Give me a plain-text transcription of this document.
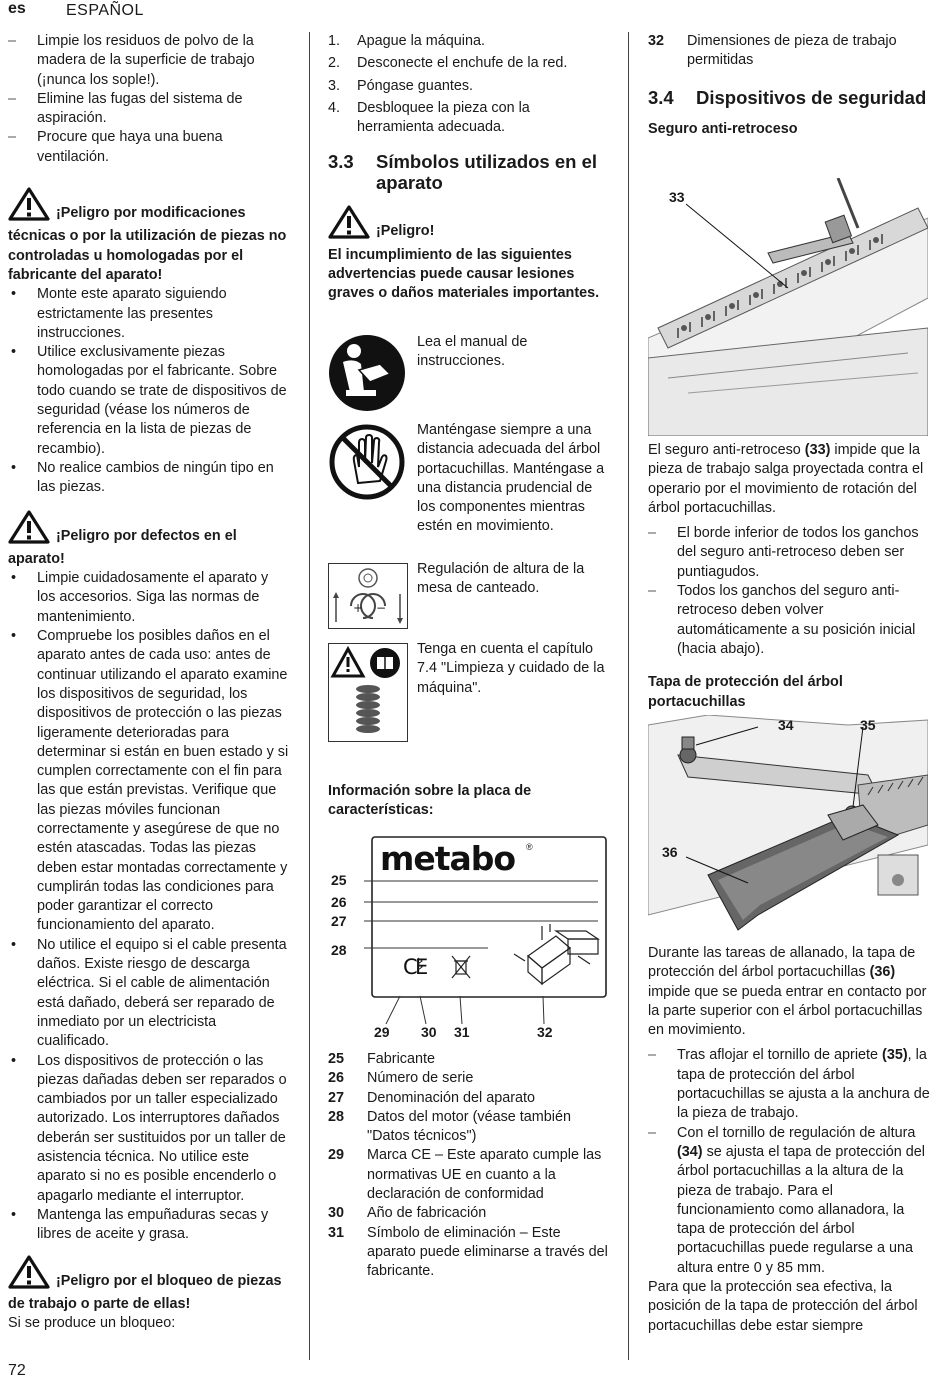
es	ESPAÑOL

– Limpie los residuos de polvo de la madera de la superficie de trabajo (¡nunca los sople!).

– Elimine las fugas del sistema de aspiración.

– Procure que haya una buena ventilación.

¡Peligro por modificaciones técnicas o por la utilización de piezas no controladas u homologadas por el fabricante del aparato!

• Monte este aparato siguiendo estrictamente las presentes instrucciones.

• Utilice exclusivamente piezas homologadas por el fabricante. Sobre todo cuando se trate de dispositivos de seguridad (véase los números de referencia en la lista de piezas de recambio).

• No realice cambios de ningún tipo en las piezas.

¡Peligro por defectos en el aparato!

• Limpie cuidadosamente el aparato y los accesorios. Siga las normas de mantenimiento.

• Compruebe los posibles daños en el aparato antes de cada uso: antes de continuar utilizando el aparato examine los dispositivos de seguridad, los dispositivos de protección o las piezas ligeramente deterioradas para determinar si están en buen estado y si cumplen correctamente con el fin para las que están previstas. Verifique que las piezas móviles funcionan correctamente y asegúrese de que no estén atascadas. Todas las piezas deben estar montadas correctamente y cumplirán todas las condiciones para poder garantizar el correcto funcionamiento del aparato.

• No utilice el equipo si el cable presenta daños. Existe riesgo de descarga eléctrica. Si el cable de alimentación está dañado, deberá ser reparado de inmediato por un electricista cualificado.

• Los dispositivos de protección o las piezas dañadas deben ser reparados o cambiados por un taller especializado autorizado. Los interruptores dañados deberán ser sustituidos por un taller de asistencia técnica. No utilice este aparato si no es posible encenderlo o apagarlo mediante el interruptor.

• Mantenga las empuñaduras secas y libres de aceite y grasa.

¡Peligro por el bloqueo de piezas de trabajo o parte de ellas!

Si se produce un bloqueo:

72

1. Apague la máquina.

2. Desconecte el enchufe de la red.

3. Póngase guantes.

4. Desbloquee la pieza con la herramienta adecuada.

3.3 Símbolos utilizados en el aparato

¡Peligro!

El incumplimiento de las siguientes advertencias puede causar lesiones graves o daños materiales importantes.

Lea el manual de instrucciones.
Manténgase siempre a una distancia adecuada del árbol portacuchillas. Manténgase a una distancia prudencial de los componentes mientras estén en movimiento.
+ −
Regulación de altura de la mesa de canteado.
Tenga en cuenta el capítulo 7.4 "Limpieza y cuidado de la máquina".

Información sobre la placa de características:

C
E
metabo ®
25
26
27
28
29 30 31	32

25 Fabricante

26 Número de serie

27 Denominación del aparato

28 Datos del motor (véase también "Datos técnicos")

29 Marca CE – Este aparato cumple las normativas UE en cuanto a la declaración de conformidad

30 Año de fabricación

31 Símbolo de eliminación – Este aparato puede eliminarse a través del fabricante.

32 Dimensiones de pieza de trabajo permitidas

3.4 Dispositivos de seguridad

Seguro anti-retroceso

33

El seguro anti-retroceso (33) impide que la pieza de trabajo salga proyectada contra el operario por el movimiento de rotación del árbol portacuchillas.

– El borde inferior de todos los ganchos del seguro anti-retroceso deben ser puntiagudos.

– Todos los ganchos del seguro anti-retroceso deben volver automáticamente a su posición inicial (hacia abajo).

Tapa de protección del árbol portacuchillas

34	35
36

Durante las tareas de allanado, la tapa de protección del árbol portacuchillas (36) impide que se pueda entrar en contacto por la parte superior con el árbol portacuchillas en movimiento.

– Tras aflojar el tornillo de apriete (35), la tapa de protección del árbol portacuchillas se ajusta a la anchura de la pieza de trabajo.

– Con el tornillo de regulación de altura (34) se ajusta el tapa de protección del árbol portacuchillas a la altura de la pieza de trabajo. Para el funcionamiento como allanadora, la tapa de protección del árbol portacuchillas puede regularse a una altura entre 0 y 85 mm.

Para que la protección sea efectiva, la posición de la tapa de protección del árbol portacuchillas debe estar siempre
